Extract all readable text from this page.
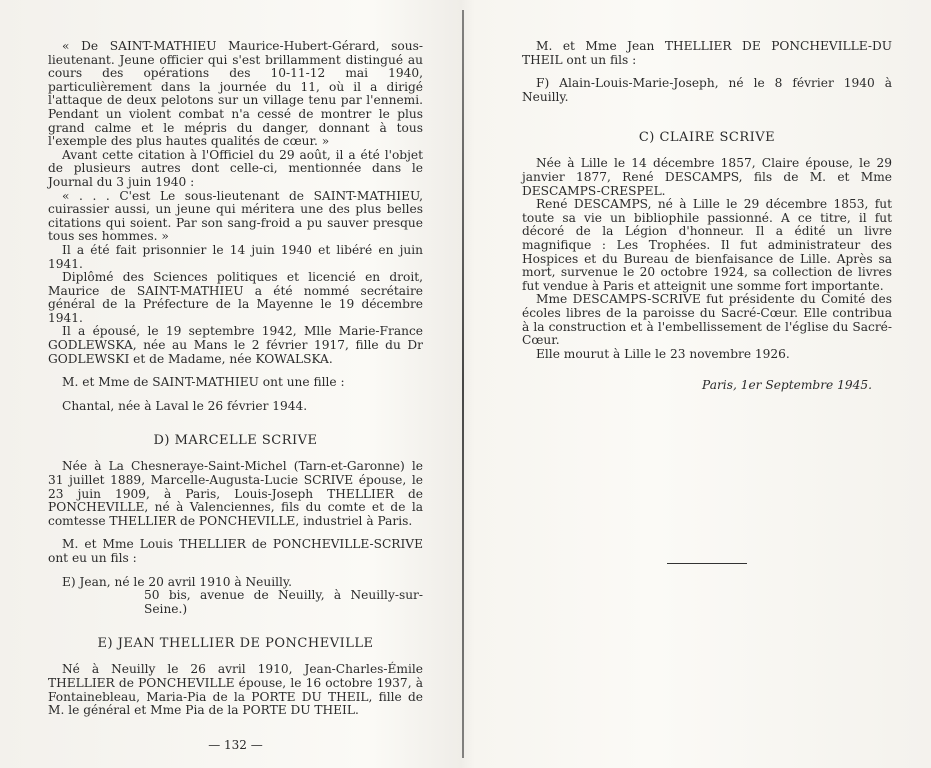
« De SAINT-MATHIEU Maurice-Hubert-Gérard, sous-lieutenant. Jeune officier qui s'est brillamment distingué au cours des opérations des 10-11-12 mai 1940, particulièrement dans la journée du 11, où il a dirigé l'attaque de deux pelotons sur un village tenu par l'ennemi. Pendant un violent combat n'a cessé de montrer le plus grand calme et le mépris du danger, donnant à tous l'exemple des plus hautes qualités de cœur. »

Avant cette citation à l'Officiel du 29 août, il a été l'objet de plusieurs autres dont celle-ci, mentionnée dans le Journal du 3 juin 1940 :

« . . . C'est Le sous-lieutenant de SAINT-MATHIEU, cuirassier aussi, un jeune qui méritera une des plus belles citations qui soient. Par son sang-froid a pu sauver presque tous ses hommes. »

Il a été fait prisonnier le 14 juin 1940 et libéré en juin 1941.

Diplômé des Sciences politiques et licencié en droit, Maurice de SAINT-MATHIEU a été nommé secrétaire général de la Préfecture de la Mayenne le 19 décembre 1941.

Il a épousé, le 19 septembre 1942, Mlle Marie-France GODLEWSKA, née au Mans le 2 février 1917, fille du Dr GODLEWSKI et de Madame, née KOWALSKA.

M. et Mme de SAINT-MATHIEU ont une fille :

Chantal, née à Laval le 26 février 1944.

D) MARCELLE SCRIVE

Née à La Chesneraye-Saint-Michel (Tarn-et-Garonne) le 31 juillet 1889, Marcelle-Augusta-Lucie SCRIVE épouse, le 23 juin 1909, à Paris, Louis-Joseph THELLIER de PONCHEVILLE, né à Valenciennes, fils du comte et de la comtesse THELLIER de PONCHEVILLE, industriel à Paris.

M. et Mme Louis THELLIER de PONCHEVILLE-SCRIVE ont eu un fils :

E) Jean, né le 20 avril 1910 à Neuilly.

50 bis, avenue de Neuilly, à Neuilly-sur-Seine.)

E) JEAN THELLIER DE PONCHEVILLE

Né à Neuilly le 26 avril 1910, Jean-Charles-Émile THELLIER de PONCHEVILLE épouse, le 16 octobre 1937, à Fontainebleau, Maria-Pia de la PORTE DU THEIL, fille de M. le général et Mme Pia de la PORTE DU THEIL.

— 132 —

M. et Mme Jean THELLIER DE PONCHEVILLE-DU THEIL ont un fils :

F) Alain-Louis-Marie-Joseph, né le 8 février 1940 à Neuilly.

C) CLAIRE SCRIVE

Née à Lille le 14 décembre 1857, Claire épouse, le 29 janvier 1877, René DESCAMPS, fils de M. et Mme DESCAMPS-CRESPEL.

René DESCAMPS, né à Lille le 29 décembre 1853, fut toute sa vie un bibliophile passionné. A ce titre, il fut décoré de la Légion d'honneur. Il a édité un livre magnifique : Les Trophées. Il fut administrateur des Hospices et du Bureau de bienfaisance de Lille. Après sa mort, survenue le 20 octobre 1924, sa collection de livres fut vendue à Paris et atteignit une somme fort importante.

Mme DESCAMPS-SCRIVE fut présidente du Comité des écoles libres de la paroisse du Sacré-Cœur. Elle contribua à la construction et à l'embellissement de l'église du Sacré-Cœur.

Elle mourut à Lille le 23 novembre 1926.

Paris, 1er Septembre 1945.
